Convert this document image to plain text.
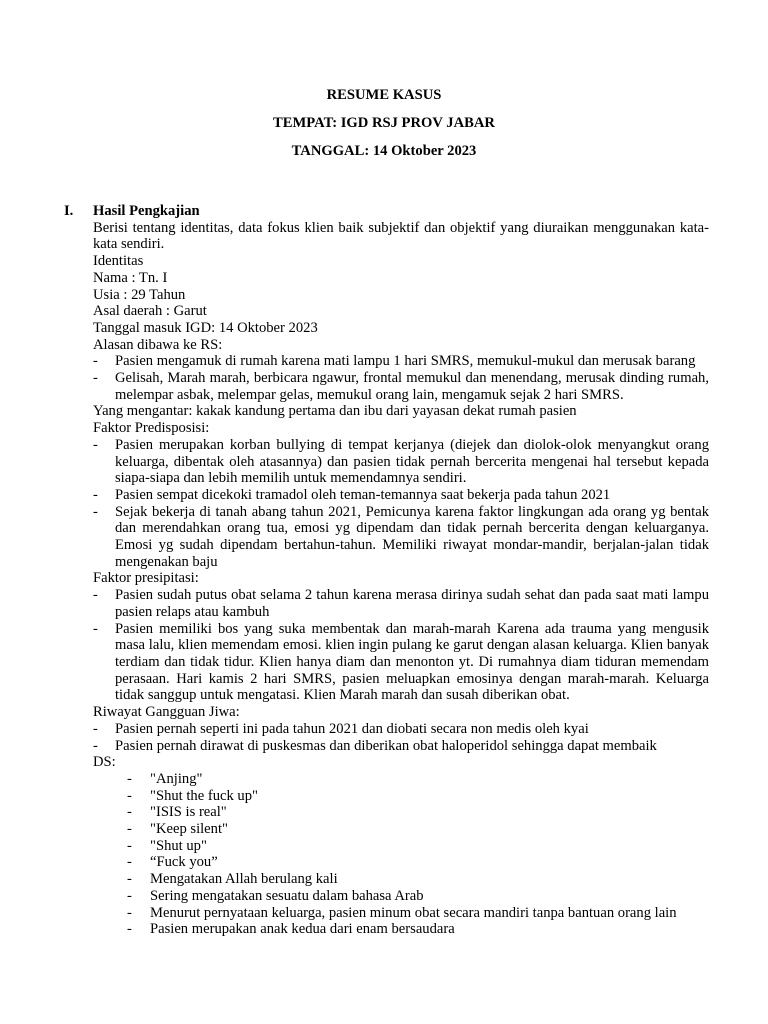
RESUME KASUS
TEMPAT: IGD RSJ PROV JABAR
TANGGAL: 14 Oktober 2023
I.	Hasil Pengkajian
Berisi tentang identitas, data fokus klien baik subjektif dan objektif yang diuraikan menggunakan kata-kata sendiri.
Identitas
Nama : Tn. I
Usia : 29 Tahun
Asal daerah : Garut
Tanggal masuk IGD: 14 Oktober 2023
Alasan dibawa ke RS:
-	Pasien mengamuk di rumah karena mati lampu 1 hari SMRS, memukul-mukul dan merusak barang
-	Gelisah, Marah marah, berbicara ngawur, frontal memukul dan menendang, merusak dinding rumah, melempar asbak, melempar gelas, memukul orang lain, mengamuk sejak 2 hari SMRS.
Yang mengantar: kakak kandung pertama dan ibu dari yayasan dekat rumah pasien
Faktor Predisposisi:
-	Pasien merupakan korban bullying di tempat kerjanya (diejek dan diolok-olok menyangkut orang keluarga, dibentak oleh atasannya) dan pasien tidak pernah bercerita mengenai hal tersebut kepada siapa-siapa dan lebih memilih untuk memendamnya sendiri.
-	Pasien sempat dicekoki tramadol oleh teman-temannya saat bekerja pada tahun 2021
-	Sejak bekerja di tanah abang tahun 2021, Pemicunya karena faktor lingkungan ada orang yg bentak dan merendahkan orang tua, emosi yg dipendam dan tidak pernah bercerita dengan keluarganya. Emosi yg sudah dipendam bertahun-tahun. Memiliki riwayat mondar-mandir, berjalan-jalan tidak mengenakan baju
Faktor presipitasi:
-	Pasien sudah putus obat selama 2 tahun karena merasa dirinya sudah sehat dan pada saat mati lampu pasien relaps atau kambuh
-	Pasien memiliki bos yang suka membentak dan marah-marah Karena ada trauma yang mengusik masa lalu, klien memendam emosi. klien ingin pulang ke garut dengan alasan keluarga. Klien banyak terdiam dan tidak tidur. Klien hanya diam dan menonton yt. Di rumahnya diam tiduran memendam perasaan. Hari kamis 2 hari SMRS, pasien meluapkan emosinya dengan marah-marah. Keluarga tidak sanggup untuk mengatasi. Klien Marah marah dan susah diberikan obat.
Riwayat Gangguan Jiwa:
-	Pasien pernah seperti ini pada tahun 2021 dan diobati secara non medis oleh kyai
-	Pasien pernah dirawat di puskesmas dan diberikan obat haloperidol sehingga dapat membaik
DS:
-	"Anjing"
-	"Shut the fuck up"
-	"ISIS is real"
-	"Keep silent"
-	"Shut up"
-	“Fuck you”
-	Mengatakan Allah berulang kali
-	Sering mengatakan sesuatu dalam bahasa Arab
-	Menurut pernyataan keluarga, pasien minum obat secara mandiri tanpa bantuan orang lain
-	Pasien merupakan anak kedua dari enam bersaudara
